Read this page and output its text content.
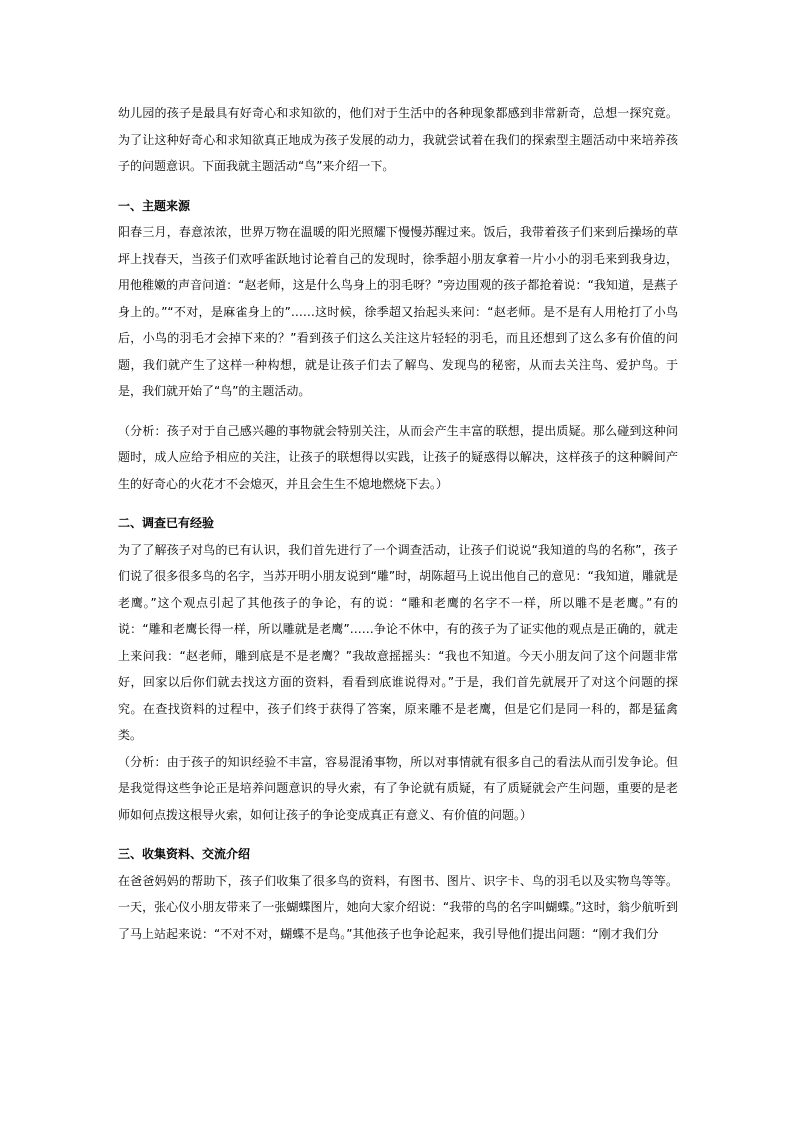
幼儿园的孩子是最具有好奇心和求知欲的，他们对于生活中的各种现象都感到非常新奇，总想一探究竟。为了让这种好奇心和求知欲真正地成为孩子发展的动力，我就尝试着在我们的探索型主题活动中来培养孩子的问题意识。下面我就主题活动“鸟”来介绍一下。

一、主题来源

阳春三月，春意浓浓，世界万物在温暖的阳光照耀下慢慢苏醒过来。饭后，我带着孩子们来到后操场的草坪上找春天，当孩子们欢呼雀跃地讨论着自己的发现时，徐季超小朋友拿着一片小小的羽毛来到我身边，用他稚嫩的声音问道：“赵老师，这是什么鸟身上的羽毛呀？”旁边围观的孩子都抢着说：“我知道，是燕子身上的。”“不对，是麻雀身上的”……这时候，徐季超又抬起头来问：“赵老师。是不是有人用枪打了小鸟后，小鸟的羽毛才会掉下来的？”看到孩子们这么关注这片轻轻的羽毛，而且还想到了这么多有价值的问题，我们就产生了这样一种构想，就是让孩子们去了解鸟、发现鸟的秘密，从而去关注鸟、爱护鸟。于是，我们就开始了“鸟”的主题活动。

（分析：孩子对于自己感兴趣的事物就会特别关注，从而会产生丰富的联想，提出质疑。那么碰到这种问题时，成人应给予相应的关注，让孩子的联想得以实践，让孩子的疑惑得以解决，这样孩子的这种瞬间产生的好奇心的火花才不会熄灭，并且会生生不熄地燃烧下去。）

二、调查已有经验

为了了解孩子对鸟的已有认识，我们首先进行了一个调查活动，让孩子们说说“我知道的鸟的名称”，孩子们说了很多很多鸟的名字，当苏开明小朋友说到“雕”时，胡陈超马上说出他自己的意见：“我知道，雕就是老鹰。”这个观点引起了其他孩子的争论，有的说：“雕和老鹰的名字不一样，所以雕不是老鹰。”有的说：“雕和老鹰长得一样，所以雕就是老鹰”……争论不休中，有的孩子为了证实他的观点是正确的，就走上来问我：“赵老师，雕到底是不是老鹰？”我故意摇摇头：“我也不知道。今天小朋友问了这个问题非常好，回家以后你们就去找这方面的资料，看看到底谁说得对。”于是，我们首先就展开了对这个问题的探究。在查找资料的过程中，孩子们终于获得了答案，原来雕不是老鹰，但是它们是同一科的，都是猛禽类。

（分析：由于孩子的知识经验不丰富，容易混淆事物，所以对事情就有很多自己的看法从而引发争论。但是我觉得这些争论正是培养问题意识的导火索，有了争论就有质疑，有了质疑就会产生问题，重要的是老师如何点拨这根导火索，如何让孩子的争论变成真正有意义、有价值的问题。）

三、收集资料、交流介绍

在爸爸妈妈的帮助下，孩子们收集了很多鸟的资料，有图书、图片、识字卡、鸟的羽毛以及实物鸟等等。一天，张心仪小朋友带来了一张蝴蝶图片，她向大家介绍说：“我带的鸟的名字叫蝴蝶。”这时，翁少航听到了马上站起来说：“不对不对，蝴蝶不是鸟。”其他孩子也争论起来，我引导他们提出问题：“刚才我们分
